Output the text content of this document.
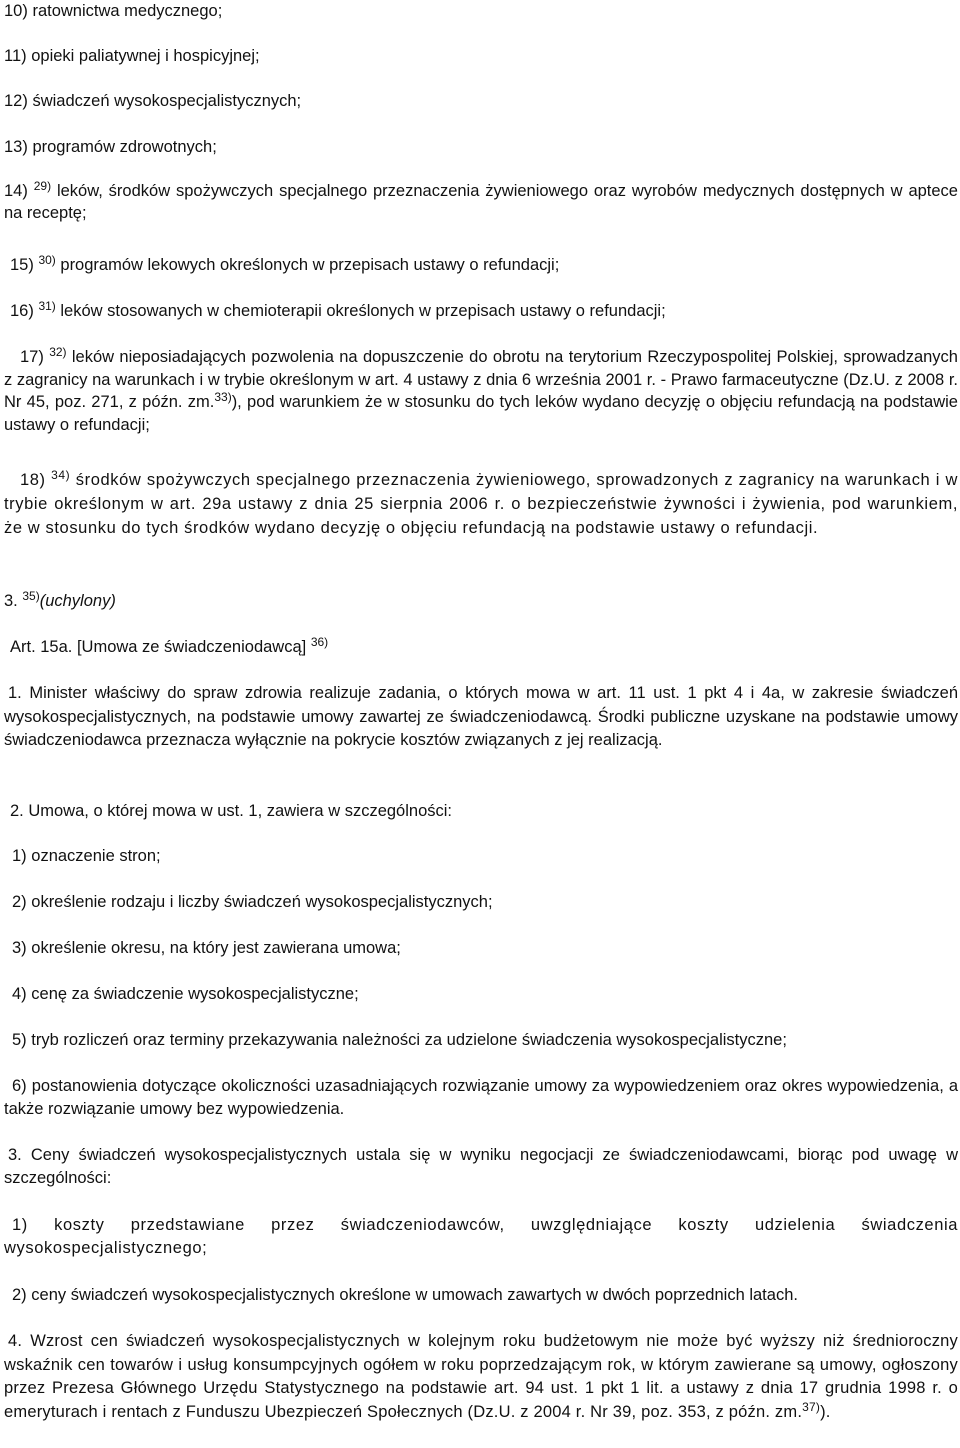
10) ratownictwa medycznego;

11) opieki paliatywnej i hospicyjnej;

12) świadczeń wysokospecjalistycznych;

13) programów zdrowotnych;

14) $^{29)}$ leków, środków spożywczych specjalnego przeznaczenia żywieniowego oraz wyrobów medycznych dostępnych w aptece na receptę;

15) $^{30)}$ programów lekowych określonych w przepisach ustawy o refundacji;

16) $^{31)}$ leków stosowanych w chemioterapii określonych w przepisach ustawy o refundacji;

17) $^{32)}$ leków nieposiadających pozwolenia na dopuszczenie do obrotu na terytorium Rzeczypospolitej Polskiej, sprowadzanych z zagranicy na warunkach i w trybie określonym w art. 4 ustawy z dnia 6 września 2001 r. - Prawo farmaceutyczne (Dz.U. z 2008 r. Nr 45, poz. 271, z późn. zm.$^{33)}$), pod warunkiem że w stosunku do tych leków wydano decyzję o objęciu refundacją na podstawie ustawy o refundacji;

18) $^{34)}$ środków spożywczych specjalnego przeznaczenia żywieniowego, sprowadzonych z zagranicy na warunkach i w trybie określonym w art. 29a ustawy z dnia 25 sierpnia 2006 r. o bezpieczeństwie żywności i żywienia, pod warunkiem, że w stosunku do tych środków wydano decyzję o objęciu refundacją na podstawie ustawy o refundacji.

3. $^{35)}$(uchylony)

Art. 15a. [Umowa ze świadczeniodawcą] $^{36)}$

1. Minister właściwy do spraw zdrowia realizuje zadania, o których mowa w art. 11 ust. 1 pkt 4 i 4a, w zakresie świadczeń wysokospecjalistycznych, na podstawie umowy zawartej ze świadczeniodawcą. Środki publiczne uzyskane na podstawie umowy świadczeniodawca przeznacza wyłącznie na pokrycie kosztów związanych z jej realizacją.

2. Umowa, o której mowa w ust. 1, zawiera w szczególności:

1) oznaczenie stron;

2) określenie rodzaju i liczby świadczeń wysokospecjalistycznych;

3) określenie okresu, na który jest zawierana umowa;

4) cenę za świadczenie wysokospecjalistyczne;

5) tryb rozliczeń oraz terminy przekazywania należności za udzielone świadczenia wysokospecjalistyczne;

6) postanowienia dotyczące okoliczności uzasadniających rozwiązanie umowy za wypowiedzeniem oraz okres wypowiedzenia, a także rozwiązanie umowy bez wypowiedzenia.

3. Ceny świadczeń wysokospecjalistycznych ustala się w wyniku negocjacji ze świadczeniodawcami, biorąc pod uwagę w szczególności:

1) koszty przedstawiane przez świadczeniodawców, uwzględniające koszty udzielenia świadczenia wysokospecjalistycznego;

2) ceny świadczeń wysokospecjalistycznych określone w umowach zawartych w dwóch poprzednich latach.

4. Wzrost cen świadczeń wysokospecjalistycznych w kolejnym roku budżetowym nie może być wyższy niż średnioroczny wskaźnik cen towarów i usług konsumpcyjnych ogółem w roku poprzedzającym rok, w którym zawierane są umowy, ogłoszony przez Prezesa Głównego Urzędu Statystycznego na podstawie art. 94 ust. 1 pkt 1 lit. a ustawy z dnia 17 grudnia 1998 r. o emeryturach i rentach z Funduszu Ubezpieczeń Społecznych (Dz.U. z 2004 r. Nr 39, poz. 353, z późn. zm.$^{37)}$).
